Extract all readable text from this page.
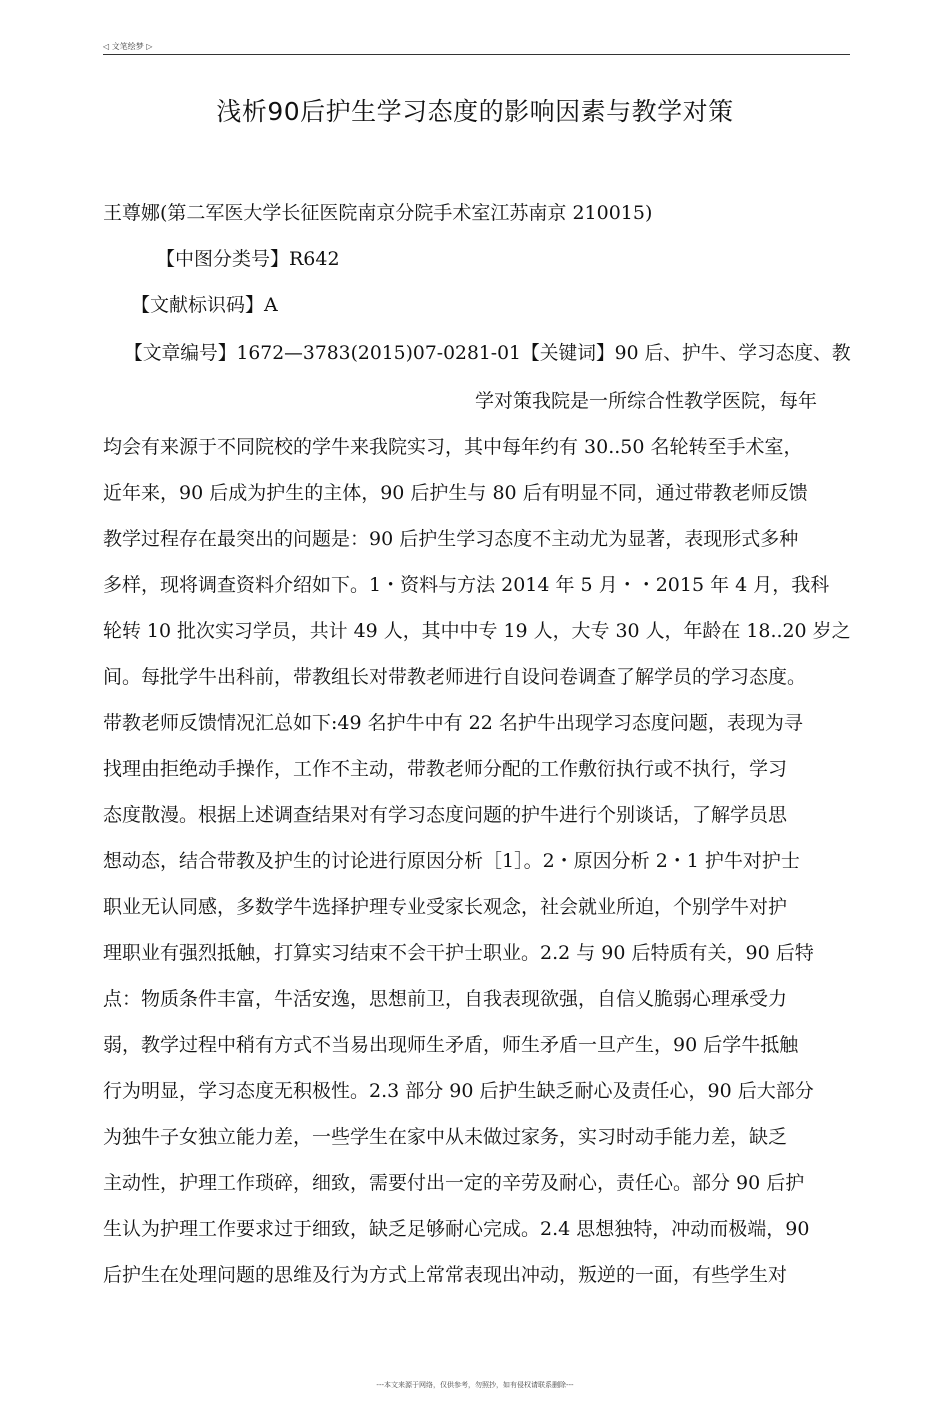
◁ 文笔绘梦 ▷
浅析90后护生学习态度的影响因素与教学对策
王尊娜(第二军医大学长征医院南京分院手术室江苏南京 210015)
【中图分类号】R642
【文献标识码】A
【文章编号】1672—3783(2015)07-0281-01【关键词】90 后、护牛、学习态度、教
学对策我院是一所综合性教学医院，每年
均会有来源于不同院校的学牛来我院实习，其中每年约有 30..50 名轮转至手术室，
近年来，90 后成为护生的主体，90 后护生与 80 后有明显不同，通过带教老师反馈
教学过程存在最突出的问题是：90 后护生学习态度不主动尤为显著，表现形式多种
多样，现将调查资料介绍如下。1・资料与方法 2014 年 5 月・・2015 年 4 月，我科
轮转 10 批次实习学员，共计 49 人，其中中专 19 人，大专 30 人，年龄在 18..20 岁之
间。每批学牛出科前，带教组长对带教老师进行自设问卷调查了解学员的学习态度。
带教老师反馈情况汇总如下:49 名护牛中有 22 名护牛出现学习态度问题，表现为寻
找理由拒绝动手操作，工作不主动，带教老师分配的工作敷衍执行或不执行，学习
态度散漫。根据上述调查结果对有学习态度问题的护牛进行个别谈话，了解学员思
想动态，结合带教及护生的讨论进行原因分析［1］。2・原因分析 2・1 护牛对护士
职业无认同感，多数学牛选择护理专业受家长观念，社会就业所迫，个别学牛对护
理职业有强烈抵触，打算实习结束不会干护士职业。2.2 与 90 后特质有关，90 后特
点：物质条件丰富，牛活安逸，思想前卫，自我表现欲强，自信乂脆弱心理承受力
弱，教学过程中稍有方式不当易出现师生矛盾，师生矛盾一旦产生，90 后学牛抵触
行为明显，学习态度无积极性。2.3 部分 90 后护生缺乏耐心及责任心，90 后大部分
为独牛子女独立能力差，一些学生在家中从未做过家务，实习时动手能力差，缺乏
主动性，护理工作琐碎，细致，需要付出一定的辛劳及耐心，责任心。部分 90 后护
生认为护理工作要求过于细致，缺乏足够耐心完成。2.4 思想独特，冲动而极端，90
后护生在处理问题的思维及行为方式上常常表现出冲动，叛逆的一面，有些学生对
---本文来源于网络，仅供参考，勿照抄，如有侵权请联系删除---
